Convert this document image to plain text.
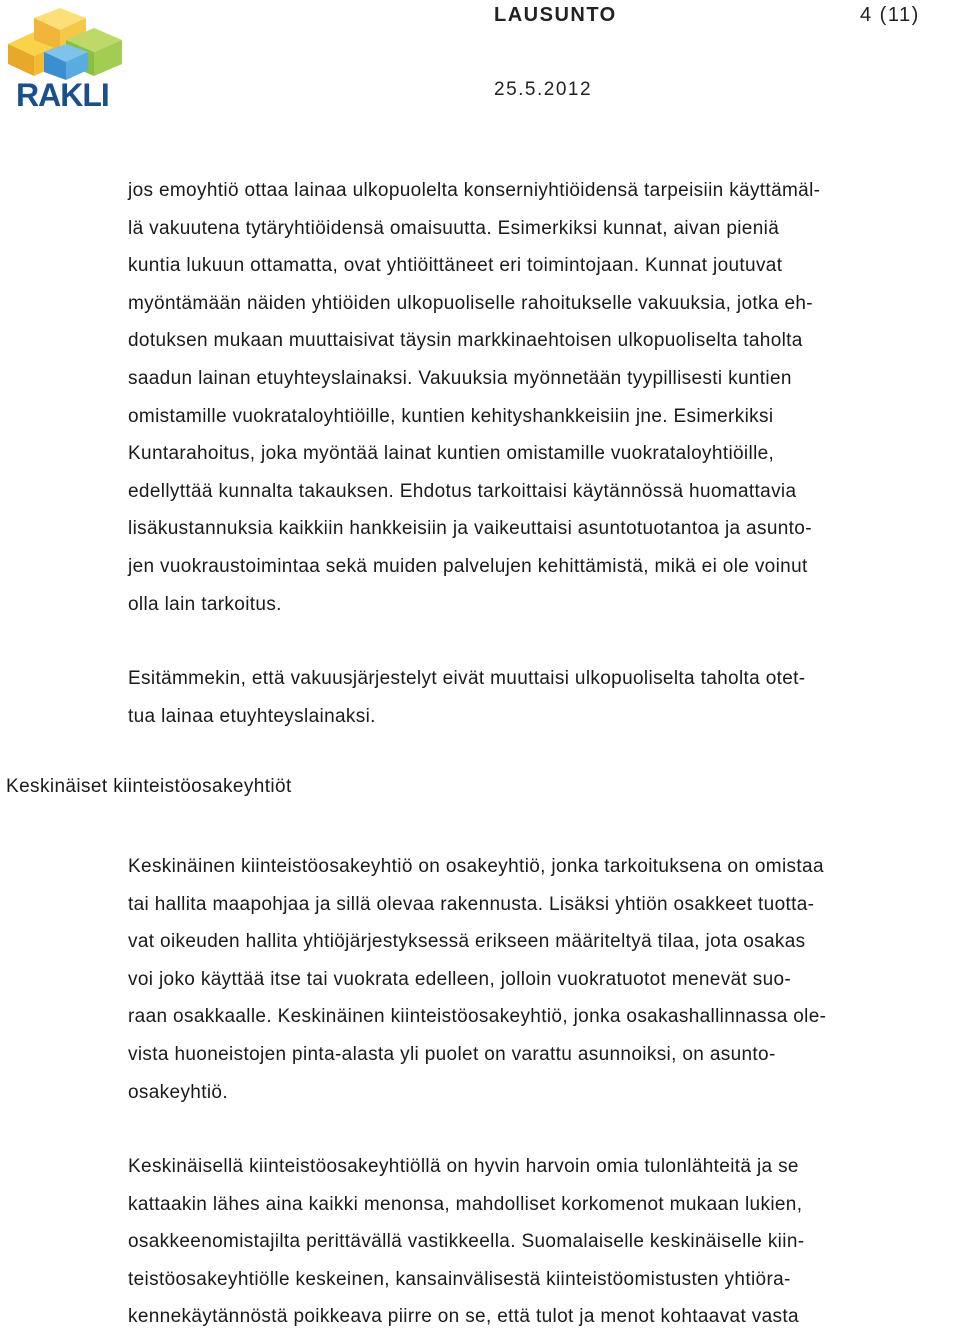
RAKLI
LAUSUNTO	4 (11)
25.5.2012

jos emoyhtiö ottaa lainaa ulkopuolelta konserniyhtiöidensä tarpeisiin käyttämäl-
lä vakuutena tytäryhtiöidensä omaisuutta. Esimerkiksi kunnat, aivan pieniä
kuntia lukuun ottamatta, ovat yhtiöittäneet eri toimintojaan. Kunnat joutuvat
myöntämään näiden yhtiöiden ulkopuoliselle rahoitukselle vakuuksia, jotka eh-
dotuksen mukaan muuttaisivat täysin markkinaehtoisen ulkopuoliselta taholta
saadun lainan etuyhteyslainaksi. Vakuuksia myönnetään tyypillisesti kuntien
omistamille vuokrataloyhtiöille, kuntien kehityshankkeisiin jne. Esimerkiksi
Kuntarahoitus, joka myöntää lainat kuntien omistamille vuokrataloyhtiöille,
edellyttää kunnalta takauksen. Ehdotus tarkoittaisi käytännössä huomattavia
lisäkustannuksia kaikkiin hankkeisiin ja vaikeuttaisi asuntotuotantoa ja asunto-
jen vuokraustoimintaa sekä muiden palvelujen kehittämistä, mikä ei ole voinut
olla lain tarkoitus.

Esitämmekin, että vakuusjärjestelyt eivät muuttaisi ulkopuoliselta taholta otet-
tua lainaa etuyhteyslainaksi.

Keskinäiset kiinteistöosakeyhtiöt

Keskinäinen kiinteistöosakeyhtiö on osakeyhtiö, jonka tarkoituksena on omistaa
tai hallita maapohjaa ja sillä olevaa rakennusta. Lisäksi yhtiön osakkeet tuotta-
vat oikeuden hallita yhtiöjärjestyksessä erikseen määriteltyä tilaa, jota osakas
voi joko käyttää itse tai vuokrata edelleen, jolloin vuokratuotot menevät suo-
raan osakkaalle. Keskinäinen kiinteistöosakeyhtiö, jonka osakashallinnassa ole-
vista huoneistojen pinta-alasta yli puolet on varattu asunnoiksi, on asunto-
osakeyhtiö.

Keskinäisellä kiinteistöosakeyhtiöllä on hyvin harvoin omia tulonlähteitä ja se
kattaakin lähes aina kaikki menonsa, mahdolliset korkomenot mukaan lukien,
osakkeenomistajilta perittävällä vastikkeella. Suomalaiselle keskinäiselle kiin-
teistöosakeyhtiölle keskeinen, kansainvälisestä kiinteistöomistusten yhtiöra-
kennekäytännöstä poikkeava piirre on se, että tulot ja menot kohtaavat vasta
